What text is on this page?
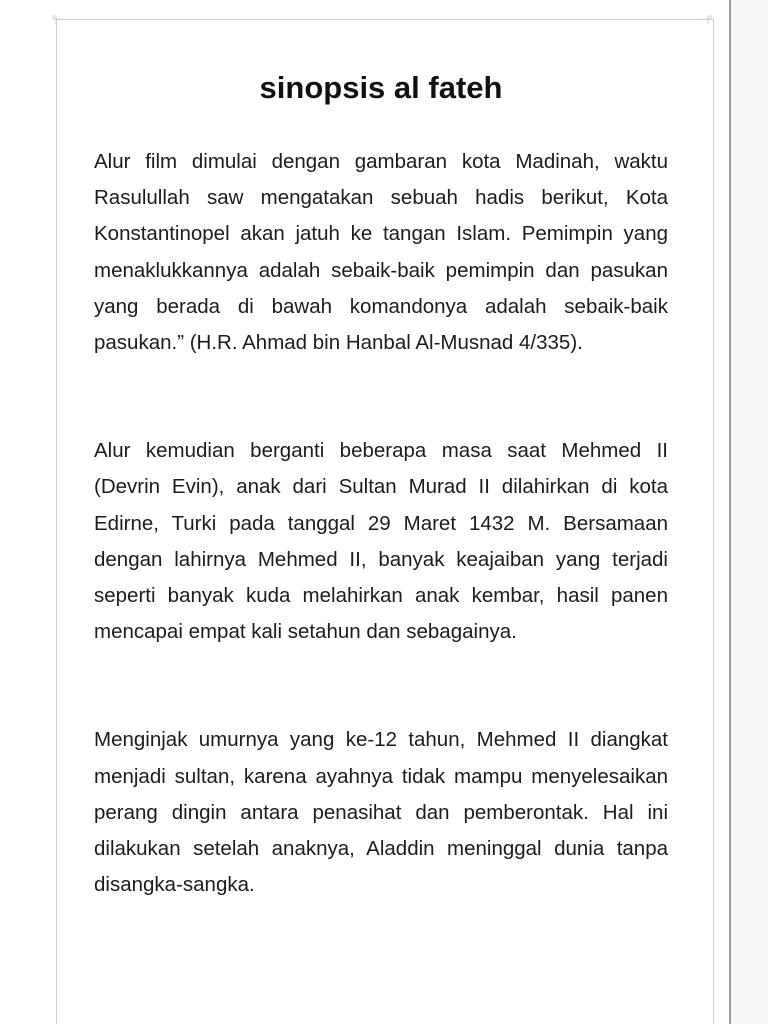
sinopsis al fateh

Alur film dimulai dengan gambaran kota Madinah, waktu Rasulullah saw mengatakan sebuah hadis berikut, Kota Konstantinopel akan jatuh ke tangan Islam. Pemimpin yang menaklukkannya adalah sebaik-baik pemimpin dan pasukan yang berada di bawah komandonya adalah sebaik-baik pasukan.” (H.R. Ahmad bin Hanbal Al-Musnad 4/335).

Alur kemudian berganti beberapa masa saat Mehmed II (Devrin Evin), anak dari Sultan Murad II dilahirkan di kota Edirne, Turki pada tanggal 29 Maret 1432 M. Bersamaan dengan lahirnya Mehmed II, banyak keajaiban yang terjadi seperti banyak kuda melahirkan anak kembar, hasil panen mencapai empat kali setahun dan sebagainya.

Menginjak umurnya yang ke-12 tahun, Mehmed II diangkat menjadi sultan, karena ayahnya tidak mampu menyelesaikan perang dingin antara penasihat dan pemberontak. Hal ini dilakukan setelah anaknya, Aladdin meninggal dunia tanpa disangka-sangka.
